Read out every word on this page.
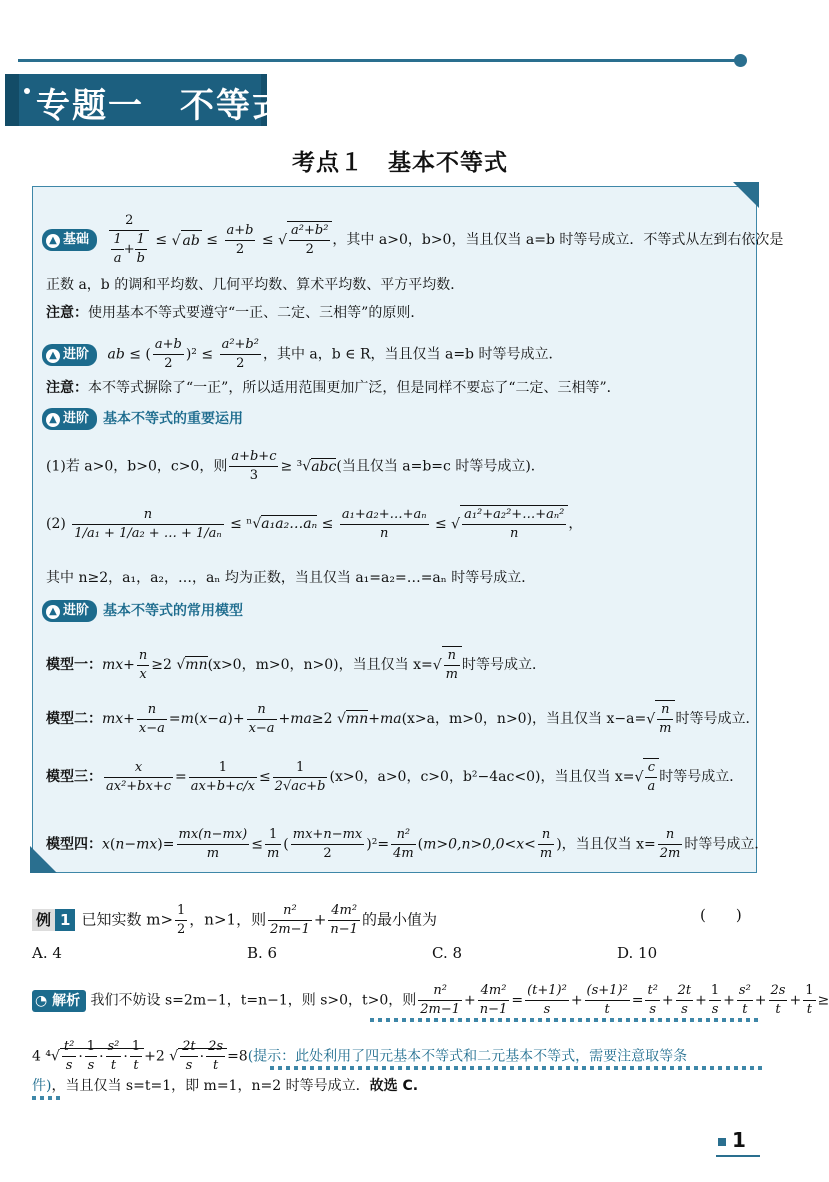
专题一　不等式
考点１　基本不等式
▲ 基础 $\frac{2}{\frac{1}{a} + \frac{1}{b}}$ ≤ √ ab ≤ $\frac{a+b}{2}$ ≤ √ $\frac{\text{a²+b²}}{2}$ ，其中 a>0，b>0，当且仅当 a=b 时等号成立．不等式从左到右依次是
正数 a，b 的调和平均数、几何平均数、算术平均数、平方平均数．
注意：使用基本不等式要遵守“一正、二定、三相等”的原则．
▲ 进阶 ab ≤ ( $\frac{a+b}{2} )^2 \le \frac{\text{a²+b²}}{2}$ ，其中 a，b ∈ R，当且仅当 a=b 时等号成立．
注意：本不等式摒除了“一正”，所以适用范围更加广泛，但是同样不要忘了“二定、三相等”．
▲ 进阶 基本不等式的重要运用
(1)若 a>0，b>0，c>0，则 $\frac{a+b+c}{3} \ge ^3√abc$(当且仅当 a=b=c 时等号成立)．
$(2) \frac{n}{\text{1/a₁ + 1/a₂ + … + 1/aₙ}}$ ≤ ⁿ√a₁a₂…aₙ ≤ $\frac{\text{a₁+a₂+…+aₙ}}{n}$ ≤ √ $\frac{\text{a₁²+a₂²+…+aₙ²}}{n}$ ，
其中 n≥2，a₁，a₂，…，aₙ 均为正数，当且仅当 a₁=a₂=…=aₙ 时等号成立．
▲ 进阶 基本不等式的常用模型
模型一：$mx+ \frac{n}{x} \ge 2$ √mn(x>0，m>0，n>0)，当且仅当 $x=√ \frac{n}{m}$ 时等号成立．
模型二：$mx+ \frac{n}{x-a} =m(x-a)+ \frac{n}{x-a} +ma\ge 2$ √mn+ma(x>a，m>0，n>0)，当且仅当 $x-a=√ \frac{n}{m}$ 时等号成立．
模型三： $\frac{x}{\text{ax²+bx+c}} = \frac{1}{ax+b+c/x} \le \frac{1}{2√ac+b} (x>0$，a>0，c>0，b²−4ac<0)，当且仅当 $x=√ \frac{c}{a}$ 时等号成立．
模型四：$x(n-mx)= \frac{mx(n-mx)}{m} \le \frac{1}{m}$ ( $\frac{mx+n-mx}{2} )^2= \frac{\text{n²}}{4m} (m>0,n>0,0<x< \frac{n}{m}$ )，当且仅当 $x= \frac{n}{2m}$ 时等号成立．
例 1 已知实数 $m> \frac{1}{2}$ ，n>1，则 $\frac{\text{n²}}{2m-1} + \frac{\text{4m²}}{n-1}$ 的最小值为	(　　)
A. 4	B. 6	C. 8	D. 10
◔ 解析 我们不妨设 s=2m−1，t=n−1，则 s>0，t>0，则 $\frac{\text{n²}}{2m-1} + \frac{\text{4m²}}{n-1} = \frac{\text{(t+1)²}}{s} + \frac{\text{(s+1)²}}{t} = \frac{\text{t²}}{s} + \frac{2t}{s} + \frac{1}{s} + \frac{\text{s²}}{t} + \frac{2s}{t} + \frac{1}{t}$ ≥
4 $^4√ \frac{\text{t²}}{s} \cdot \frac{1}{s} \cdot \frac{\text{s²}}{t} \cdot \frac{1}{t} +2$ √ $\frac{2t}{s} \cdot \frac{2s}{t} =8$(提示：此处利用了四元基本不等式和二元基本不等式，需要注意取等条
件)，当且仅当 s=t=1，即 m=1，n=2 时等号成立．故选 C.
1
